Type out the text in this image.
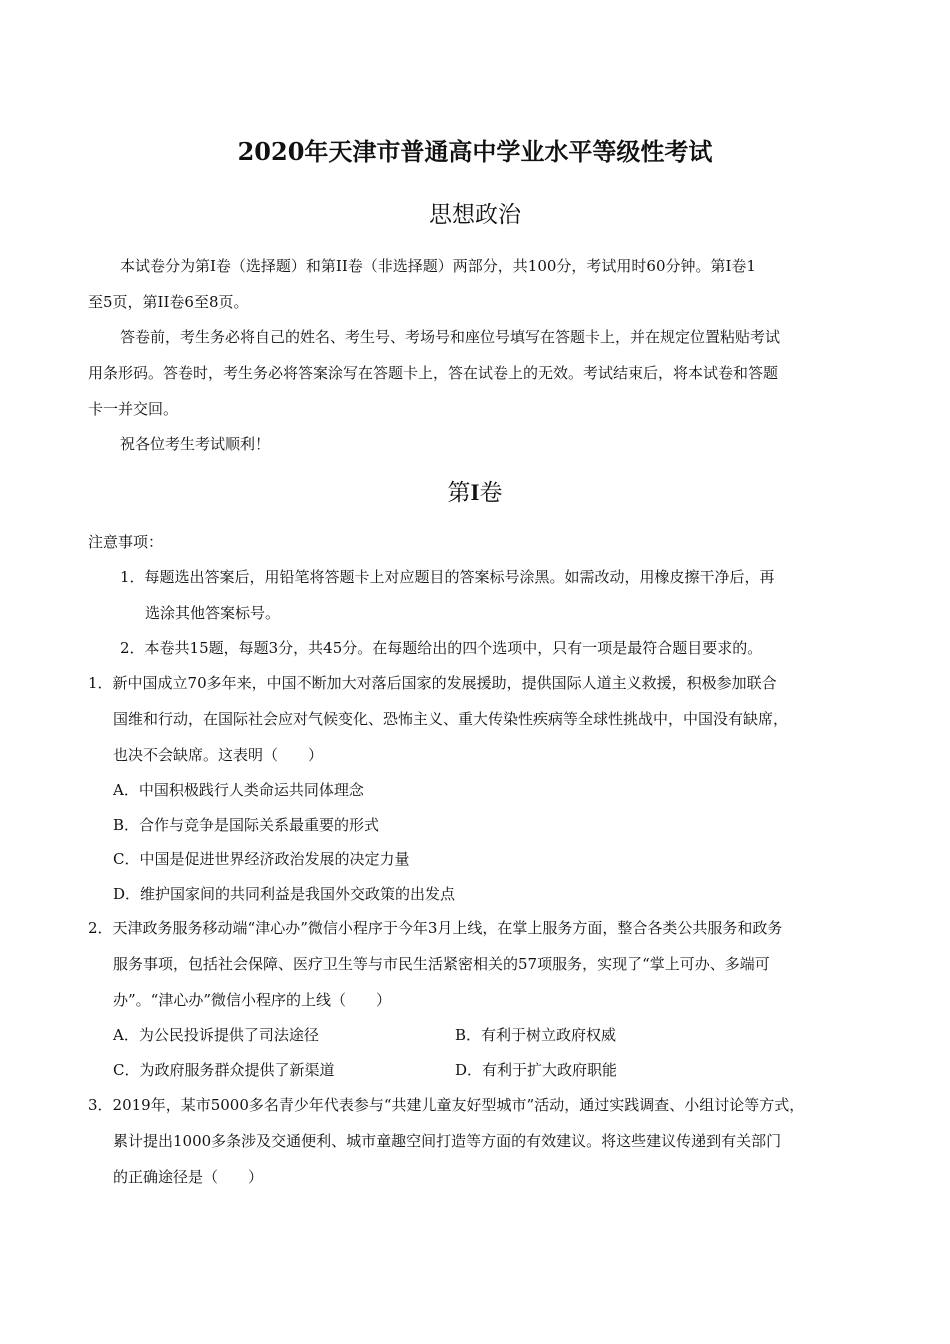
2020年天津市普通高中学业水平等级性考试
思想政治
本试卷分为第I卷（选择题）和第II卷（非选择题）两部分，共100分，考试用时60分钟。第I卷1
至5页，第II卷6至8页。
答卷前，考生务必将自己的姓名、考生号、考场号和座位号填写在答题卡上，并在规定位置粘贴考试
用条形码。答卷时，考生务必将答案涂写在答题卡上，答在试卷上的无效。考试结束后，将本试卷和答题
卡一并交回。
祝各位考生考试顺利！
第I卷
注意事项：
1．每题选出答案后，用铅笔将答题卡上对应题目的答案标号涂黑。如需改动，用橡皮擦干净后，再
选涂其他答案标号。
2．本卷共15题，每题3分，共45分。在每题给出的四个选项中，只有一项是最符合题目要求的。
1．新中国成立70多年来，中国不断加大对落后国家的发展援助，提供国际人道主义救援，积极参加联合
国维和行动，在国际社会应对气候变化、恐怖主义、重大传染性疾病等全球性挑战中，中国没有缺席，
也决不会缺席。这表明（　　）
A．中国积极践行人类命运共同体理念
B．合作与竞争是国际关系最重要的形式
C．中国是促进世界经济政治发展的决定力量
D．维护国家间的共同利益是我国外交政策的出发点
2．天津政务服务移动端“津心办”微信小程序于今年3月上线，在掌上服务方面，整合各类公共服务和政务
服务事项，包括社会保障、医疗卫生等与市民生活紧密相关的57项服务，实现了“掌上可办、多端可
办”。“津心办”微信小程序的上线（　　）
A．为公民投诉提供了司法途径	B．有利于树立政府权威
C．为政府服务群众提供了新渠道	D．有利于扩大政府职能
3．2019年，某市5000多名青少年代表参与“共建儿童友好型城市”活动，通过实践调查、小组讨论等方式，
累计提出1000多条涉及交通便利、城市童趣空间打造等方面的有效建议。将这些建议传递到有关部门
的正确途径是（　　）
